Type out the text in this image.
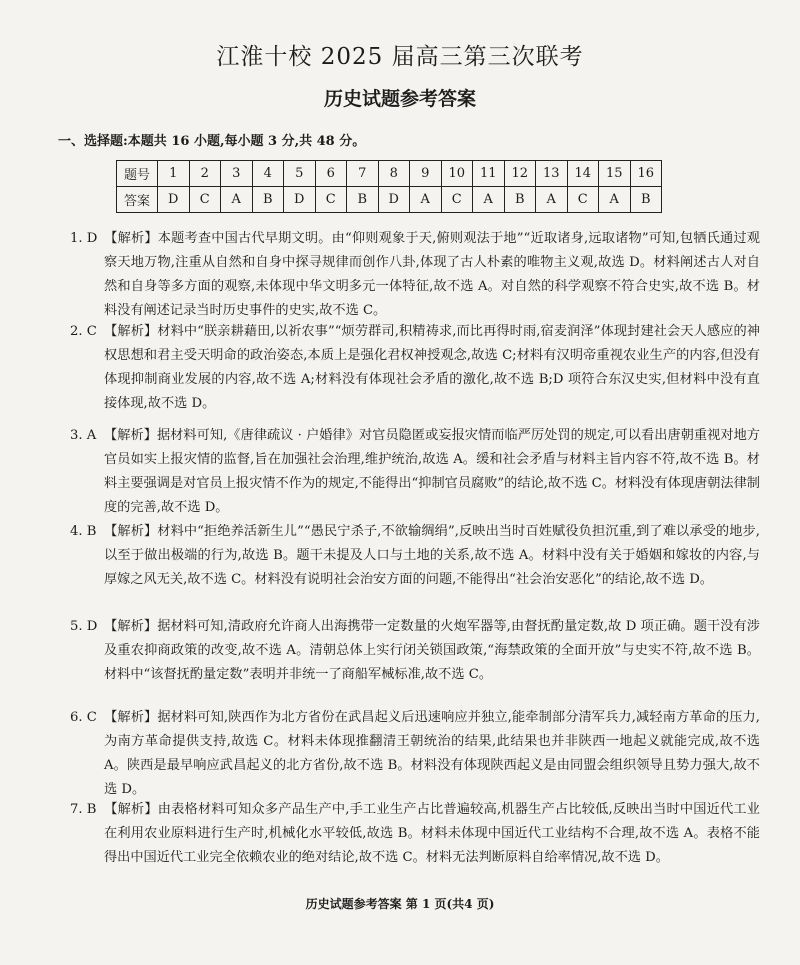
江淮十校 2025 届高三第三次联考
历史试题参考答案
一、选择题:本题共 16 小题,每小题 3 分,共 48 分。
题号	1	2	3	4	5	6	7	8	9	10	11	12	13	14	15	16
答案	D	C	A	B	D	C	B	D	A	C	A	B	A	C	A	B
1. D 【解析】本题考查中国古代早期文明。由“仰则观象于天,俯则观法于地”“近取诸身,远取诸物”可知,包牺氏通过观察天地万物,注重从自然和自身中探寻规律而创作八卦,体现了古人朴素的唯物主义观,故选 D。材料阐述古人对自然和自身等多方面的观察,未体现中华文明多元一体特征,故不选 A。对自然的科学观察不符合史实,故不选 B。材料没有阐述记录当时历史事件的史实,故不选 C。
2. C 【解析】材料中“朕亲耕藉田,以祈农事”“烦劳群司,积精祷求,而比再得时雨,宿麦润泽”体现封建社会天人感应的神权思想和君主受天明命的政治姿态,本质上是强化君权神授观念,故选 C;材料有汉明帝重视农业生产的内容,但没有体现抑制商业发展的内容,故不选 A;材料没有体现社会矛盾的激化,故不选 B;D 项符合东汉史实,但材料中没有直接体现,故不选 D。
3. A 【解析】据材料可知,《唐律疏议 · 户婚律》对官员隐匿或妄报灾情而临严厉处罚的规定,可以看出唐朝重视对地方官员如实上报灾情的监督,旨在加强社会治理,维护统治,故选 A。缓和社会矛盾与材料主旨内容不符,故不选 B。材料主要强调是对官员上报灾情不作为的规定,不能得出“抑制官员腐败”的结论,故不选 C。材料没有体现唐朝法律制度的完善,故不选 D。
4. B 【解析】材料中“拒绝养活新生儿”“愚民宁杀子,不欲输绸绢”,反映出当时百姓赋役负担沉重,到了难以承受的地步,以至于做出极端的行为,故选 B。题干未提及人口与土地的关系,故不选 A。材料中没有关于婚姻和嫁妆的内容,与厚嫁之风无关,故不选 C。材料没有说明社会治安方面的问题,不能得出“社会治安恶化”的结论,故不选 D。
5. D 【解析】据材料可知,清政府允许商人出海携带一定数量的火炮军器等,由督抚酌量定数,故 D 项正确。题干没有涉及重农抑商政策的改变,故不选 A。清朝总体上实行闭关锁国政策,“海禁政策的全面开放”与史实不符,故不选 B。材料中“该督抚酌量定数”表明并非统一了商船军械标准,故不选 C。
6. C 【解析】据材料可知,陕西作为北方省份在武昌起义后迅速响应并独立,能牵制部分清军兵力,减轻南方革命的压力,为南方革命提供支持,故选 C。材料未体现推翻清王朝统治的结果,此结果也并非陕西一地起义就能完成,故不选 A。陕西是最早响应武昌起义的北方省份,故不选 B。材料没有体现陕西起义是由同盟会组织领导且势力强大,故不选 D。
7. B 【解析】由表格材料可知众多产品生产中,手工业生产占比普遍较高,机器生产占比较低,反映出当时中国近代工业在利用农业原料进行生产时,机械化水平较低,故选 B。材料未体现中国近代工业结构不合理,故不选 A。表格不能得出中国近代工业完全依赖农业的绝对结论,故不选 C。材料无法判断原料自给率情况,故不选 D。
历史试题参考答案 第 1 页(共4 页)
